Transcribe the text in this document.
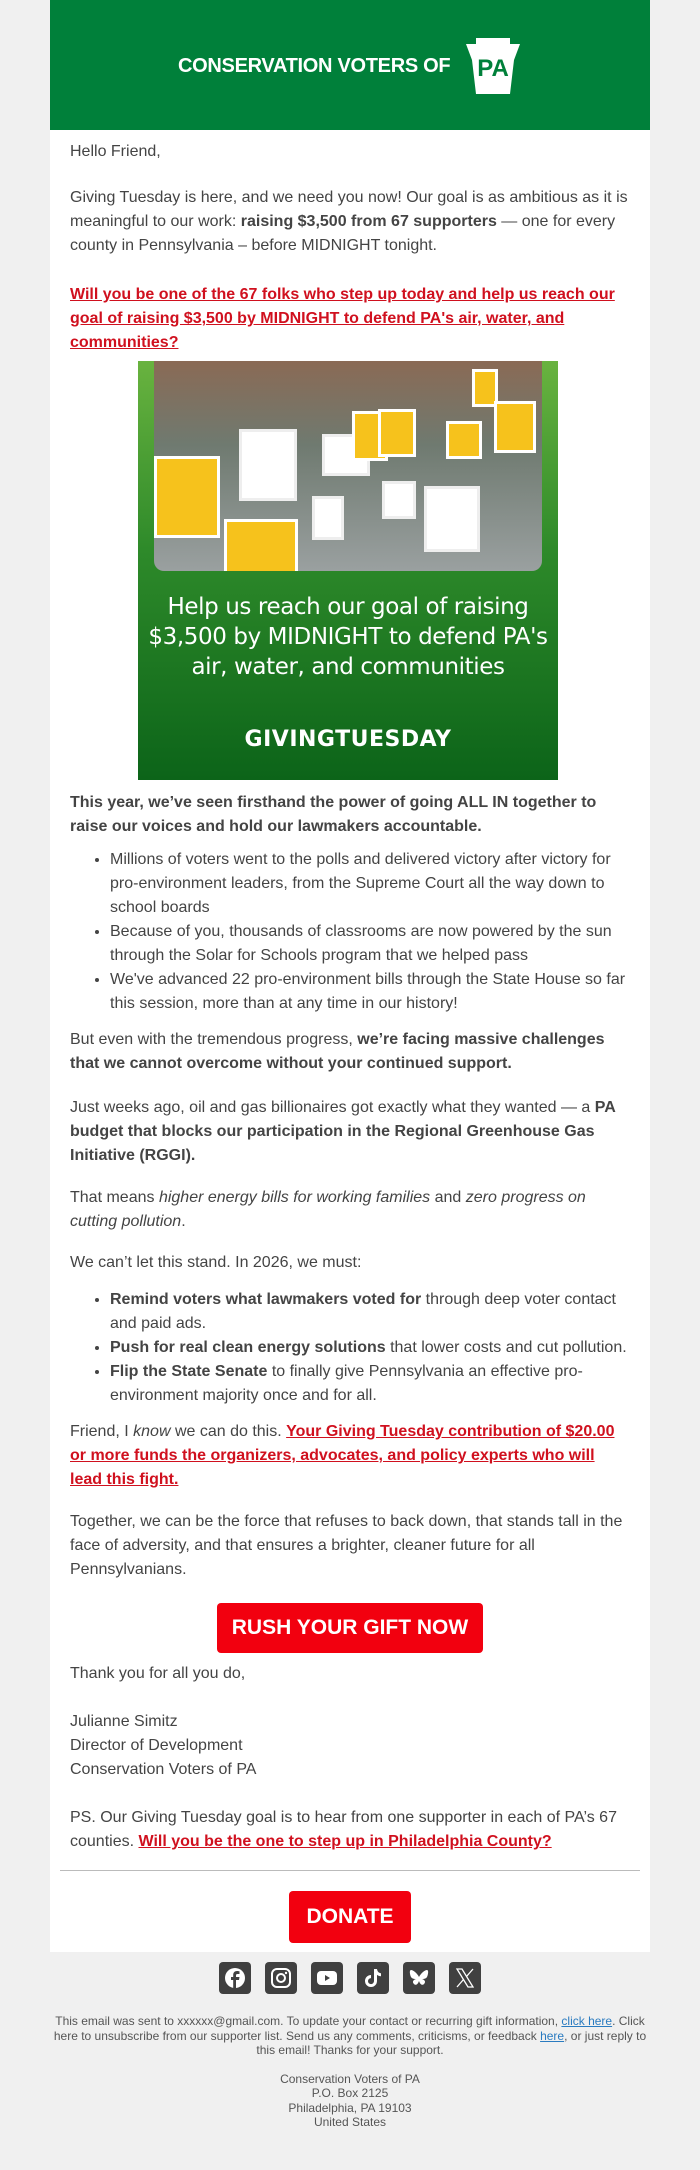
CONSERVATION VOTERS OF PA

Hello Friend,

Giving Tuesday is here, and we need you now! Our goal is as ambitious as it is meaningful to our work: raising $3,500 from 67 supporters — one for every county in Pennsylvania – before MIDNIGHT tonight.

Will you be one of the 67 folks who step up today and help us reach our goal of raising $3,500 by MIDNIGHT to defend PA's air, water, and communities?

Help us reach our goal of raising $3,500 by MIDNIGHT to defend PA's air, water, and communities
GIVINGTUESDAY

This year, we’ve seen firsthand the power of going ALL IN together to raise our voices and hold our lawmakers accountable.

• Millions of voters went to the polls and delivered victory after victory for pro-environment leaders, from the Supreme Court all the way down to school boards
• Because of you, thousands of classrooms are now powered by the sun through the Solar for Schools program that we helped pass
• We've advanced 22 pro-environment bills through the State House so far this session, more than at any time in our history!

But even with the tremendous progress, we’re facing massive challenges that we cannot overcome without your continued support.

Just weeks ago, oil and gas billionaires got exactly what they wanted — a PA budget that blocks our participation in the Regional Greenhouse Gas Initiative (RGGI).

That means higher energy bills for working families and zero progress on cutting pollution.

We can’t let this stand. In 2026, we must:

• Remind voters what lawmakers voted for through deep voter contact and paid ads.
• Push for real clean energy solutions that lower costs and cut pollution.
• Flip the State Senate to finally give Pennsylvania an effective pro-environment majority once and for all.

Friend, I know we can do this. Your Giving Tuesday contribution of $20.00 or more funds the organizers, advocates, and policy experts who will lead this fight.

Together, we can be the force that refuses to back down, that stands tall in the face of adversity, and that ensures a brighter, cleaner future for all Pennsylvanians.

RUSH YOUR GIFT NOW

Thank you for all you do,

Julianne Simitz

Director of Development

Conservation Voters of PA

PS. Our Giving Tuesday goal is to hear from one supporter in each of PA’s 67 counties. Will you be the one to step up in Philadelphia County?

DONATE

This email was sent to xxxxxx@gmail.com. To update your contact or recurring gift information, click here. Click here to unsubscribe from our supporter list. Send us any comments, criticisms, or feedback here, or just reply to this email! Thanks for your support.

Conservation Voters of PA

P.O. Box 2125

Philadelphia, PA 19103

United States
